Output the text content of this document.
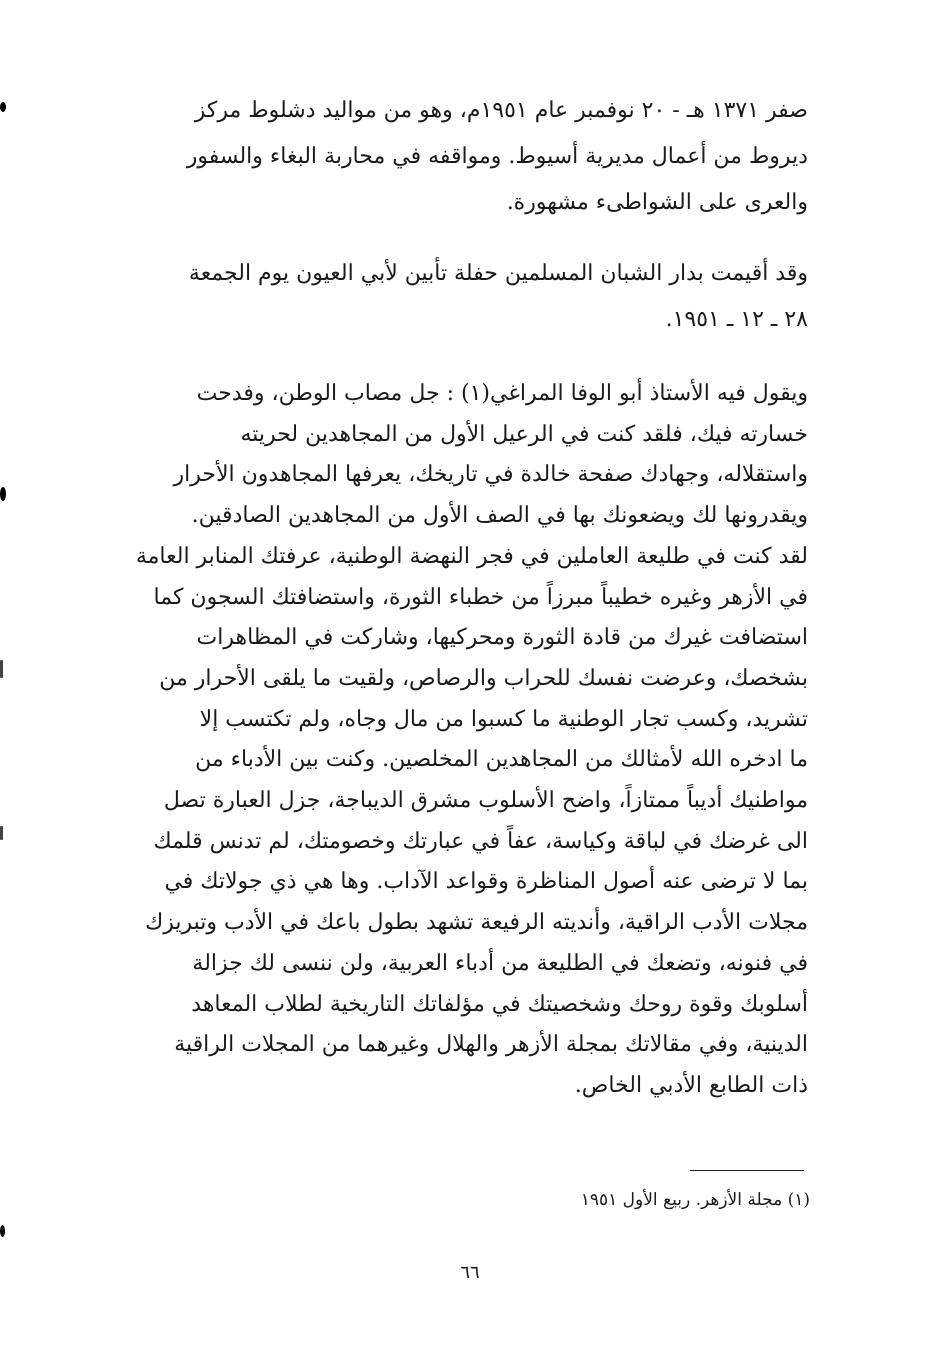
صفر ١٣٧١ هـ - ٢٠ نوفمبر عام ١٩٥١م، وهو من مواليد دشلوط مركز
ديروط من أعمال مديرية أسيوط. ومواقفه في محاربة البغاء والسفور
والعرى على الشواطىء مشهورة.
وقد أقيمت بدار الشبان المسلمين حفلة تأبين لأبي العيون يوم الجمعة
٢٨ ـ ١٢ ـ ١٩٥١.
ويقول فيه الأستاذ أبو الوفا المراغي(١) : جل مصاب الوطن، وفدحت
خسارته فيك، فلقد كنت في الرعيل الأول من المجاهدين لحريته
واستقلاله، وجهادك صفحة خالدة في تاريخك، يعرفها المجاهدون الأحرار
ويقدرونها لك ويضعونك بها في الصف الأول من المجاهدين الصادقين.
لقد كنت في طليعة العاملين في فجر النهضة الوطنية، عرفتك المنابر العامة
في الأزهر وغيره خطيباً مبرزاً من خطباء الثورة، واستضافتك السجون كما
استضافت غيرك من قادة الثورة ومحركيها، وشاركت في المظاهرات
بشخصك، وعرضت نفسك للحراب والرصاص، ولقيت ما يلقى الأحرار من
تشريد، وكسب تجار الوطنية ما كسبوا من مال وجاه، ولم تكتسب إلا
ما ادخره الله لأمثالك من المجاهدين المخلصين. وكنت بين الأدباء من
مواطنيك أديباً ممتازاً، واضح الأسلوب مشرق الديباجة، جزل العبارة تصل
الى غرضك في لباقة وكياسة، عفاً في عبارتك وخصومتك، لم تدنس قلمك
بما لا ترضى عنه أصول المناظرة وقواعد الآداب. وها هي ذي جولاتك في
مجلات الأدب الراقية، وأنديته الرفيعة تشهد بطول باعك في الأدب وتبريزك
في فنونه، وتضعك في الطليعة من أدباء العربية، ولن ننسى لك جزالة
أسلوبك وقوة روحك وشخصيتك في مؤلفاتك التاريخية لطلاب المعاهد
الدينية، وفي مقالاتك بمجلة الأزهر والهلال وغيرهما من المجلات الراقية
ذات الطابع الأدبي الخاص.
(١) مجلة الأزهر. ربيع الأول ١٩٥١
٦٦
